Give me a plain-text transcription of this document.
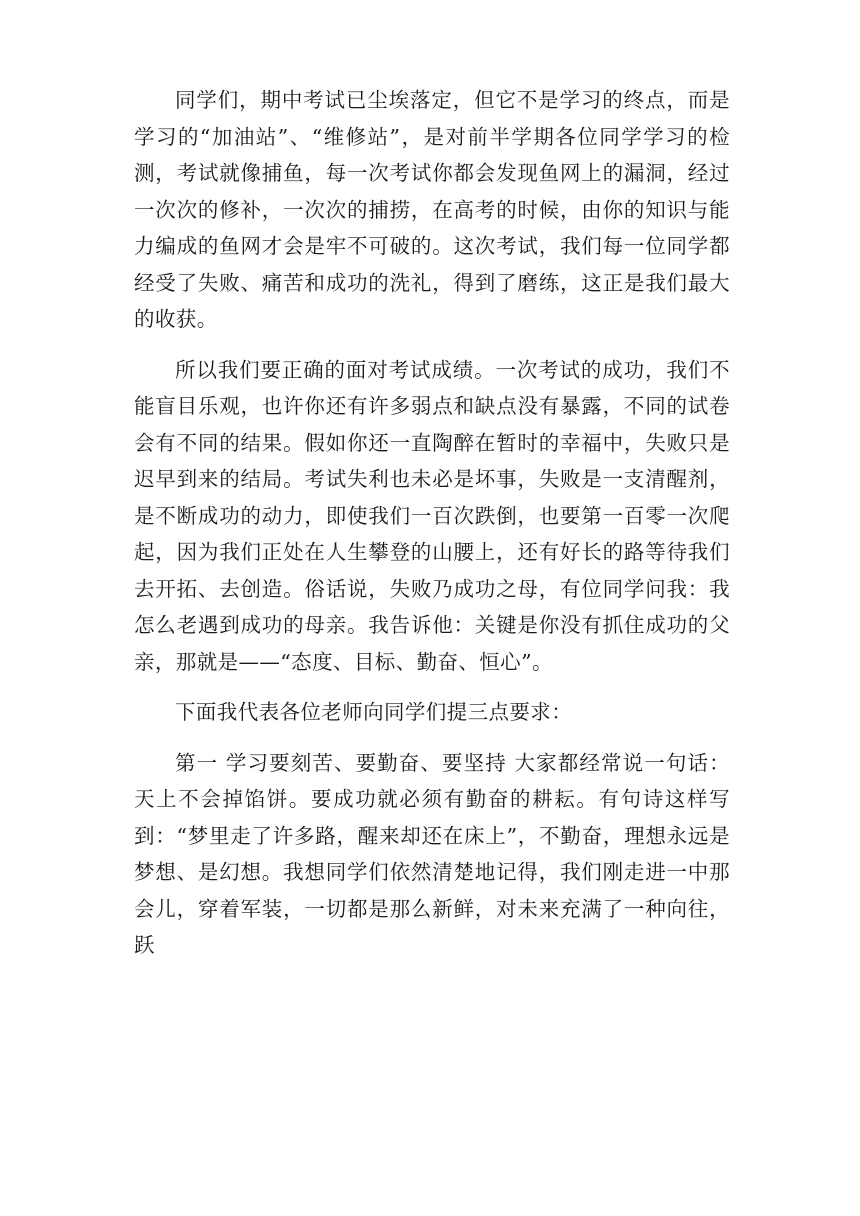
同学们，期中考试已尘埃落定，但它不是学习的终点，而是学习的“加油站”、“维修站”，是对前半学期各位同学学习的检测，考试就像捕鱼，每一次考试你都会发现鱼网上的漏洞，经过一次次的修补，一次次的捕捞，在高考的时候，由你的知识与能力编成的鱼网才会是牢不可破的。这次考试，我们每一位同学都经受了失败、痛苦和成功的洗礼，得到了磨练，这正是我们最大的收获。

所以我们要正确的面对考试成绩。一次考试的成功，我们不能盲目乐观，也许你还有许多弱点和缺点没有暴露，不同的试卷会有不同的结果。假如你还一直陶醉在暂时的幸福中，失败只是迟早到来的结局。考试失利也未必是坏事，失败是一支清醒剂，是不断成功的动力，即使我们一百次跌倒，也要第一百零一次爬起，因为我们正处在人生攀登的山腰上，还有好长的路等待我们去开拓、去创造。俗话说，失败乃成功之母，有位同学问我：我怎么老遇到成功的母亲。我告诉他：关键是你没有抓住成功的父亲，那就是——“态度、目标、勤奋、恒心”。

下面我代表各位老师向同学们提三点要求：

第一 学习要刻苦、要勤奋、要坚持 大家都经常说一句话：天上不会掉馅饼。要成功就必须有勤奋的耕耘。有句诗这样写到：“梦里走了许多路，醒来却还在床上”，不勤奋，理想永远是梦想、是幻想。我想同学们依然清楚地记得，我们刚走进一中那会儿，穿着军装，一切都是那么新鲜，对未来充满了一种向往，跃
